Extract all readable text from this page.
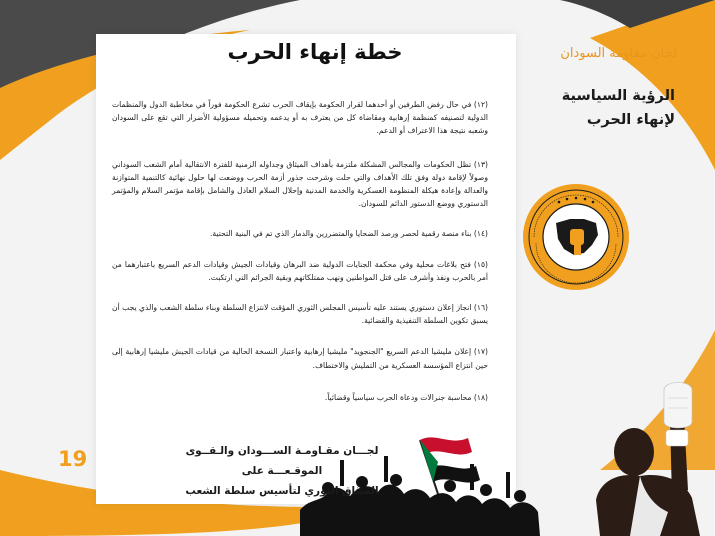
خطة إنهاء الحرب

(١٢) في حال رفض الطرفين أو أحدهما لقرار الحكومة بإيقاف الحرب تشرع الحكومة فوراً في مخاطبة الدول والمنظمات الدولية لتصنيفه كمنظمة إرهابية ومقاضاة كل من يعترف به أو يدعمه وتحميله مسؤولية الأضرار التي تقع على السودان وشعبه نتيجة هذا الاعتراف أو الدعم.

(١٣) تظل الحكومات والمجالس المشكلة ملتزمة بأهداف الميثاق وجداوله الزمنية للفترة الانتقالية أمام الشعب السوداني وصولاً لإقامة دولة وفق تلك الأهداف والتي حلت وشرحت جذور أزمة الحرب ووضعت لها حلول نهائية كالتنمية المتوازنة والعدالة وإعادة هيكلة المنظومة العسكرية والخدمة المدنية وإحلال السلام العادل والشامل بإقامة مؤتمر السلام والمؤتمر الدستوري ووضع الدستور الدائم للسودان.

(١٤) بناء منصة رقمية لحصر ورصد الضحايا والمتضررين والدمار الذي تم في البنية التحتية.

(١٥) فتح بلاغات محلية وفي محكمة الجنايات الدولية ضد البرهان وقيادات الجيش وقيادات الدعم السريع باعتبارهما من أمر بالحرب ونفذ وأشرف على قتل المواطنين ونهب ممتلكاتهم وبقية الجرائم التي ارتكبت.

(١٦) انجاز إعلان دستوري يستند عليه تأسيس المجلس الثوري المؤقت لانتزاع السلطة وبناء سلطة الشعب والذي يجب أن يسبق تكوين السلطة التنفيذية والقضائية.

(١٧) إعلان مليشيا الدعم السريع "الجنجويد" مليشيا إرهابية واعتبار النسخة الحالية من قيادات الجيش مليشيا إرهابية إلى حين انتزاع المؤسسة العسكرية من التمليش والاختطاف.

(١٨) محاسبة جنرالات ودعاة الحرب سياسياً وقضائياً.

لجان مقاومة السودان
الرؤية السياسية
لإنهاء الحرب
لجـــان مقـاومـة الســـودان والـقــوى الموقـعـــة على
الميثاق الثوري لتأسيس سلطة الشعب
19
